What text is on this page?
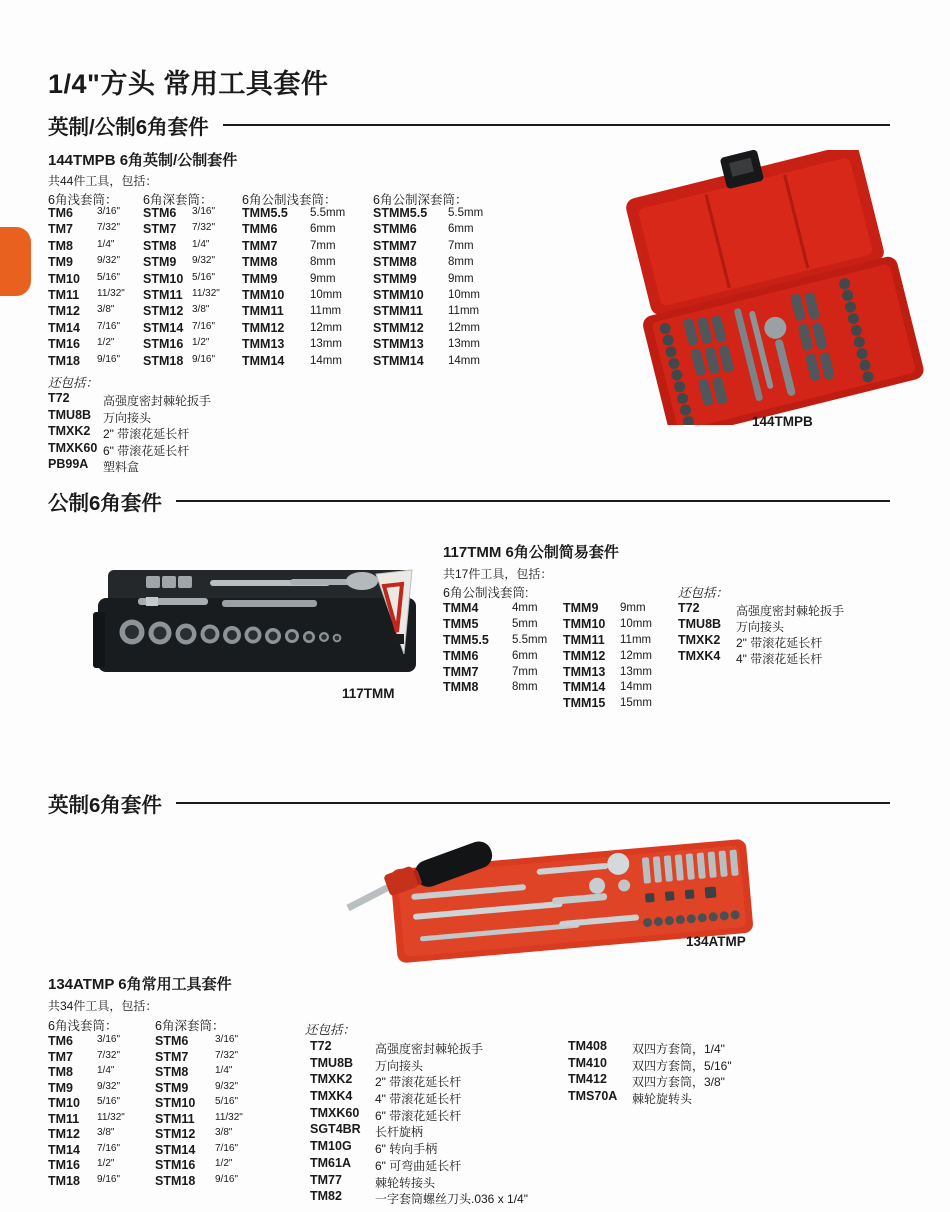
1/4"方头 常用工具套件
英制/公制6角套件
144TMPB 6角英制/公制套件
共44件工具，包括：
6角浅套筒： 6角深套筒： 6角公制浅套筒：	6角公制深套筒：
TM6	3/16"
TM7	7/32"
TM8	1/4"
TM9	9/32"
TM10	5/16"
TM11	11/32"
TM12	3/8"
TM14	7/16"
TM16	1/2"
TM18	9/16"
STM6	3/16"
STM7	7/32"
STM8	1/4"
STM9	9/32"
STM10 5/16"
STM11 11/32"
STM12 3/8"
STM14 7/16"
STM16 1/2"
STM18 9/16"
TMM5.5	5.5mm
TMM6	6mm
TMM7	7mm
TMM8	8mm
TMM9	9mm
TMM10	10mm
TMM11	11mm
TMM12	12mm
TMM13	13mm
TMM14	14mm
STMM5.5	5.5mm
STMM6	6mm
STMM7	7mm
STMM8	8mm
STMM9	9mm
STMM10	10mm
STMM11	11mm
STMM12	12mm
STMM13	13mm
STMM14	14mm
还包括：
T72	高强度密封棘轮扳手
TMU8B 万向接头
TMXK2	2" 带滚花延长杆
TMXK60 6" 带滚花延长杆
PB99A	塑料盒
144TMPB
公制6角套件
117TMM
117TMM 6角公制简易套件
共17件工具，包括：
6角公制浅套筒:	还包括：
TMM4	4mm
TMM5	5mm
TMM5.5	5.5mm
TMM6	6mm
TMM7	7mm
TMM8	8mm
TMM9	9mm
TMM10	10mm
TMM11	11mm
TMM12	12mm
TMM13	13mm
TMM14	14mm
TMM15	15mm
T72	高强度密封棘轮扳手
TMU8B	万向接头
TMXK2	2" 带滚花延长杆
TMXK4	4" 带滚花延长杆
英制6角套件
134ATMP
134ATMP 6角常用工具套件
共34件工具，包括：
6角浅套筒：	6角深套筒：	还包括：
TM6	3/16"
TM7	7/32"
TM8	1/4"
TM9	9/32"
TM10	5/16"
TM11	11/32"
TM12	3/8"
TM14	7/16"
TM16	1/2"
TM18	9/16"
STM6	3/16"
STM7	7/32"
STM8	1/4"
STM9	9/32"
STM10	5/16"
STM11	11/32"
STM12	3/8"
STM14	7/16"
STM16	1/2"
STM18	9/16"
T72	高强度密封棘轮扳手
TMU8B	万向接头
TMXK2	2" 带滚花延长杆
TMXK4	4" 带滚花延长杆
TMXK60	6" 带滚花延长杆
SGT4BR	长杆旋柄
TM10G	6" 转向手柄
TM61A	6" 可弯曲延长杆
TM77	棘轮转接头
TM82	一字套筒螺丝刀头.036 x 1/4"
TM408	双四方套筒，1/4"
TM410	双四方套筒，5/16"
TM412	双四方套筒，3/8"
TMS70A	棘轮旋转头
